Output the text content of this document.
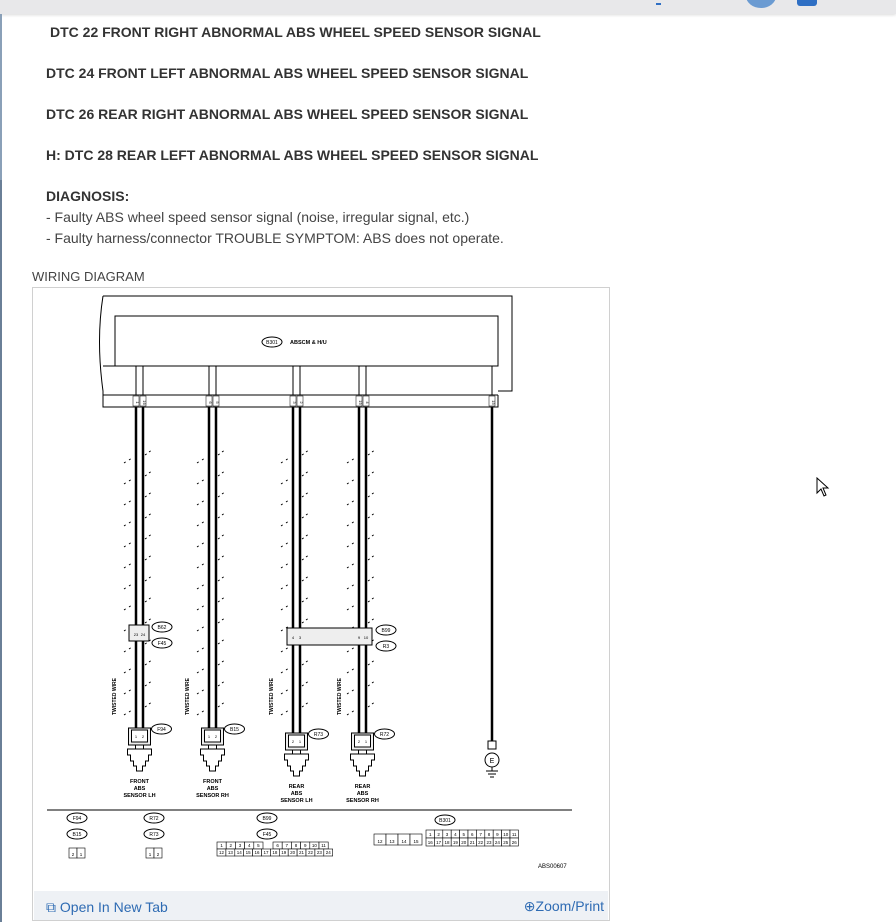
DTC 22 FRONT RIGHT ABNORMAL ABS WHEEL SPEED SENSOR SIGNAL
DTC 24 FRONT LEFT ABNORMAL ABS WHEEL SPEED SENSOR SIGNAL
DTC 26 REAR RIGHT ABNORMAL ABS WHEEL SPEED SENSOR SIGNAL
H: DTC 28 REAR LEFT ABNORMAL ABS WHEEL SPEED SENSOR SIGNAL
DIAGNOSIS:
- Faulty ABS wheel speed sensor signal (noise, irregular signal, etc.)
- Faulty harness/connector TROUBLE SYMPTOM: ABS does not operate.
WIRING DIAGRAM
B301 ABSCM & H/U
1 16	6 5	3 2	19 4	15
23 24
B62
F45
4 3	9 10
B99
R3
TWISTED WIRE	TWISTED WIRE	TWISTED WIRE	TWISTED WIRE
1 2
F94
FRONT
ABS
SENSOR LH
1 2
B15
FRONT
ABS
SENSOR RH
2 1
R73
REAR
ABS
SENSOR LH
2 1
R72
REAR
ABS
SENSOR RH
E
F94
B15
R72
R73
B99
F45
B301
2 1	1 2
1 2 3 4 5	6 7 8 9 10 11
12 13 14 15 16 17 18 19 20 21 22 23 24
12 13 14 15
1 2 3 4 5 6 7 8 9 10 11
16 17 18 19 20 21 22 23 24 25 26
ABS00607
⧉ Open In New Tab	⊕Zoom/Print
